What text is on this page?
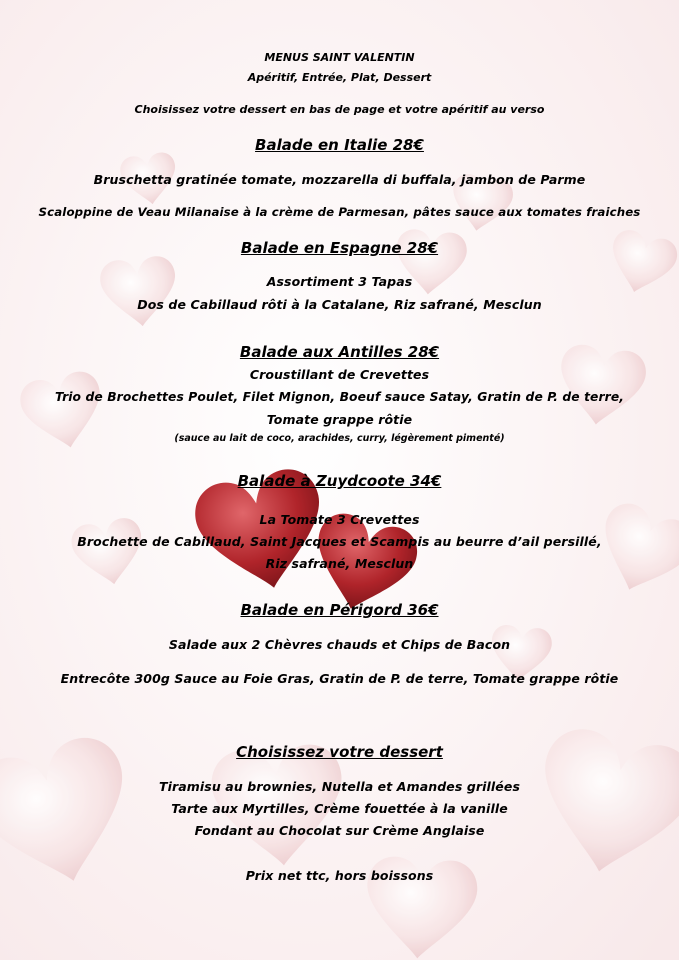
MENUS SAINT VALENTIN
Apéritif, Entrée, Plat, Dessert
Choisissez votre dessert en bas de page et votre apéritif au verso
Balade en Italie 28€
Bruschetta gratinée tomate, mozzarella di buffala, jambon de Parme
Scaloppine de Veau Milanaise à la crème de Parmesan, pâtes sauce aux tomates fraiches
Balade en Espagne 28€
Assortiment 3 Tapas
Dos de Cabillaud rôti à la Catalane, Riz safrané, Mesclun
Balade aux Antilles 28€
Croustillant de Crevettes
Trio de Brochettes Poulet, Filet Mignon, Boeuf sauce Satay, Gratin de P. de terre,
Tomate grappe rôtie
(sauce au lait de coco, arachides, curry, légèrement pimenté)
Balade à Zuydcoote 34€
La Tomate 3 Crevettes
Brochette de Cabillaud, Saint Jacques et Scampis au beurre d’ail persillé,
Riz safrané, Mesclun
Balade en Périgord 36€
Salade aux 2 Chèvres chauds et Chips de Bacon
Entrecôte 300g Sauce au Foie Gras, Gratin de P. de terre, Tomate grappe rôtie
Choisissez votre dessert
Tiramisu au brownies, Nutella et Amandes grillées
Tarte aux Myrtilles, Crème fouettée à la vanille
Fondant au Chocolat sur Crème Anglaise
Prix net ttc, hors boissons
